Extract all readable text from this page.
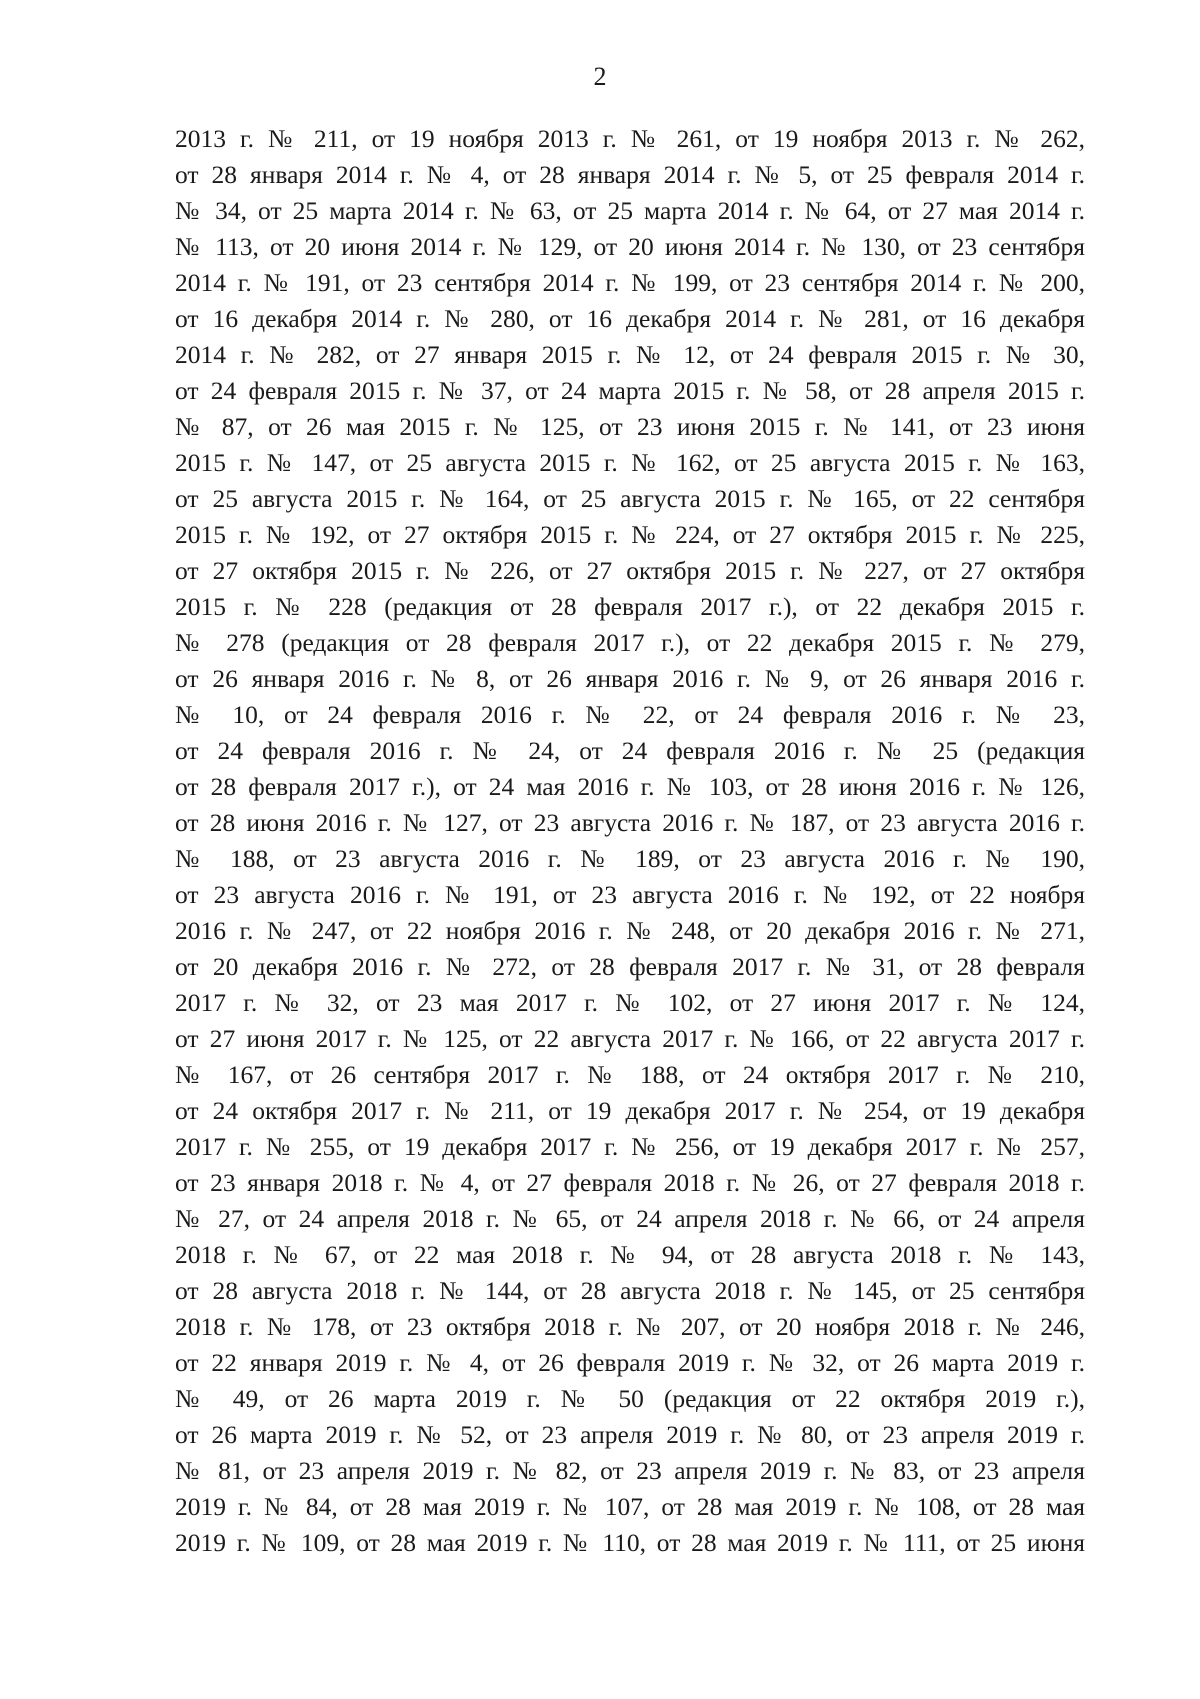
2
2013 г. № 211, от 19 ноября 2013 г. № 261, от 19 ноября 2013 г. № 262,
от 28 января 2014 г. № 4, от 28 января 2014 г. № 5, от 25 февраля 2014 г.
№ 34, от 25 марта 2014 г. № 63, от 25 марта 2014 г. № 64, от 27 мая 2014 г.
№ 113, от 20 июня 2014 г. № 129, от 20 июня 2014 г. № 130, от 23 сентября
2014 г. № 191, от 23 сентября 2014 г. № 199, от 23 сентября 2014 г. № 200,
от 16 декабря 2014 г. № 280, от 16 декабря 2014 г. № 281, от 16 декабря
2014 г. № 282, от 27 января 2015 г. № 12, от 24 февраля 2015 г. № 30,
от 24 февраля 2015 г. № 37, от 24 марта 2015 г. № 58, от 28 апреля 2015 г.
№ 87, от 26 мая 2015 г. № 125, от 23 июня 2015 г. № 141, от 23 июня
2015 г. № 147, от 25 августа 2015 г. № 162, от 25 августа 2015 г. № 163,
от 25 августа 2015 г. № 164, от 25 августа 2015 г. № 165, от 22 сентября
2015 г. № 192, от 27 октября 2015 г. № 224, от 27 октября 2015 г. № 225,
от 27 октября 2015 г. № 226, от 27 октября 2015 г. № 227, от 27 октября
2015 г. № 228 (редакция от 28 февраля 2017 г.), от 22 декабря 2015 г.
№ 278 (редакция от 28 февраля 2017 г.), от 22 декабря 2015 г. № 279,
от 26 января 2016 г. № 8, от 26 января 2016 г. № 9, от 26 января 2016 г.
№ 10, от 24 февраля 2016 г. № 22, от 24 февраля 2016 г. № 23,
от 24 февраля 2016 г. № 24, от 24 февраля 2016 г. № 25 (редакция
от 28 февраля 2017 г.), от 24 мая 2016 г. № 103, от 28 июня 2016 г. № 126,
от 28 июня 2016 г. № 127, от 23 августа 2016 г. № 187, от 23 августа 2016 г.
№ 188, от 23 августа 2016 г. № 189, от 23 августа 2016 г. № 190,
от 23 августа 2016 г. № 191, от 23 августа 2016 г. № 192, от 22 ноября
2016 г. № 247, от 22 ноября 2016 г. № 248, от 20 декабря 2016 г. № 271,
от 20 декабря 2016 г. № 272, от 28 февраля 2017 г. № 31, от 28 февраля
2017 г. № 32, от 23 мая 2017 г. № 102, от 27 июня 2017 г. № 124,
от 27 июня 2017 г. № 125, от 22 августа 2017 г. № 166, от 22 августа 2017 г.
№ 167, от 26 сентября 2017 г. № 188, от 24 октября 2017 г. № 210,
от 24 октября 2017 г. № 211, от 19 декабря 2017 г. № 254, от 19 декабря
2017 г. № 255, от 19 декабря 2017 г. № 256, от 19 декабря 2017 г. № 257,
от 23 января 2018 г. № 4, от 27 февраля 2018 г. № 26, от 27 февраля 2018 г.
№ 27, от 24 апреля 2018 г. № 65, от 24 апреля 2018 г. № 66, от 24 апреля
2018 г. № 67, от 22 мая 2018 г. № 94, от 28 августа 2018 г. № 143,
от 28 августа 2018 г. № 144, от 28 августа 2018 г. № 145, от 25 сентября
2018 г. № 178, от 23 октября 2018 г. № 207, от 20 ноября 2018 г. № 246,
от 22 января 2019 г. № 4, от 26 февраля 2019 г. № 32, от 26 марта 2019 г.
№ 49, от 26 марта 2019 г. № 50 (редакция от 22 октября 2019 г.),
от 26 марта 2019 г. № 52, от 23 апреля 2019 г. № 80, от 23 апреля 2019 г.
№ 81, от 23 апреля 2019 г. № 82, от 23 апреля 2019 г. № 83, от 23 апреля
2019 г. № 84, от 28 мая 2019 г. № 107, от 28 мая 2019 г. № 108, от 28 мая
2019 г. № 109, от 28 мая 2019 г. № 110, от 28 мая 2019 г. № 111, от 25 июня
